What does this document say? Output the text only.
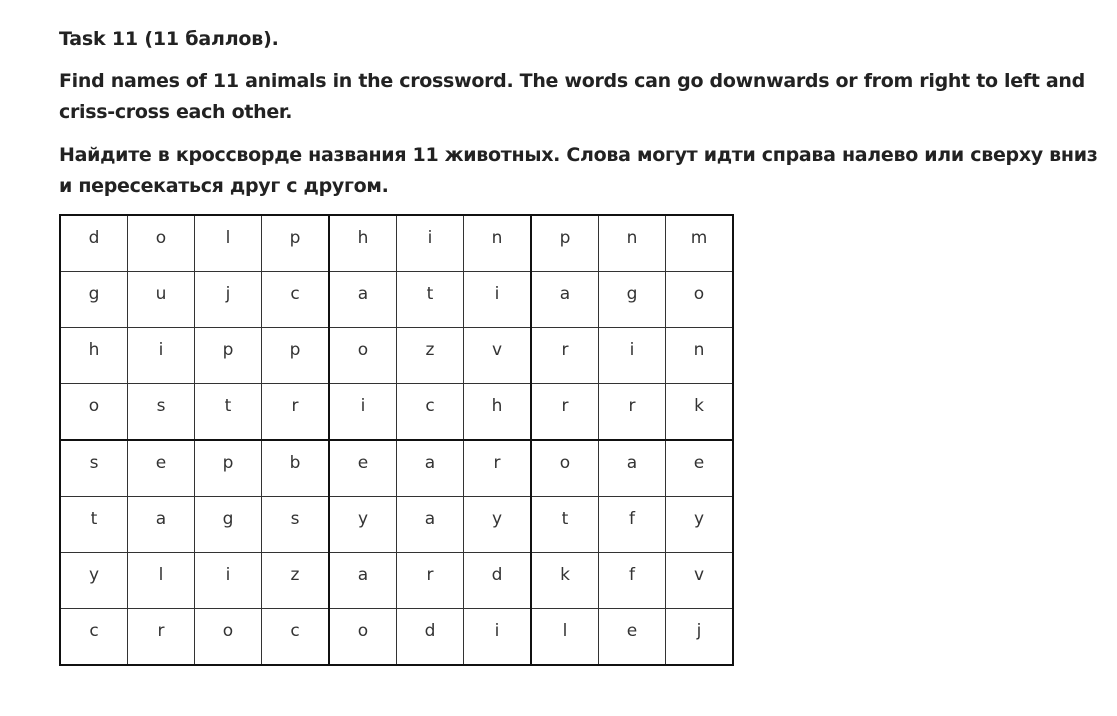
Task 11 (11 баллов).
Find names of 11 animals in the crossword. The words can go downwards or from right to left and criss-cross each other.
Найдите в кроссворде названия 11 животных. Слова могут идти справа налево или сверху вниз и пересекаться друг с другом.
d	o	l	p	h	i	n	p	n	m
g	u	j	c	a	t	i	a	g	o
h	i	p	p	o	z	v	r	i	n
o	s	t	r	i	c	h	r	r	k
s	e	p	b	e	a	r	o	a	e
t	a	g	s	y	a	y	t	f	y
y	l	i	z	a	r	d	k	f	v
c	r	o	c	o	d	i	l	e	j
